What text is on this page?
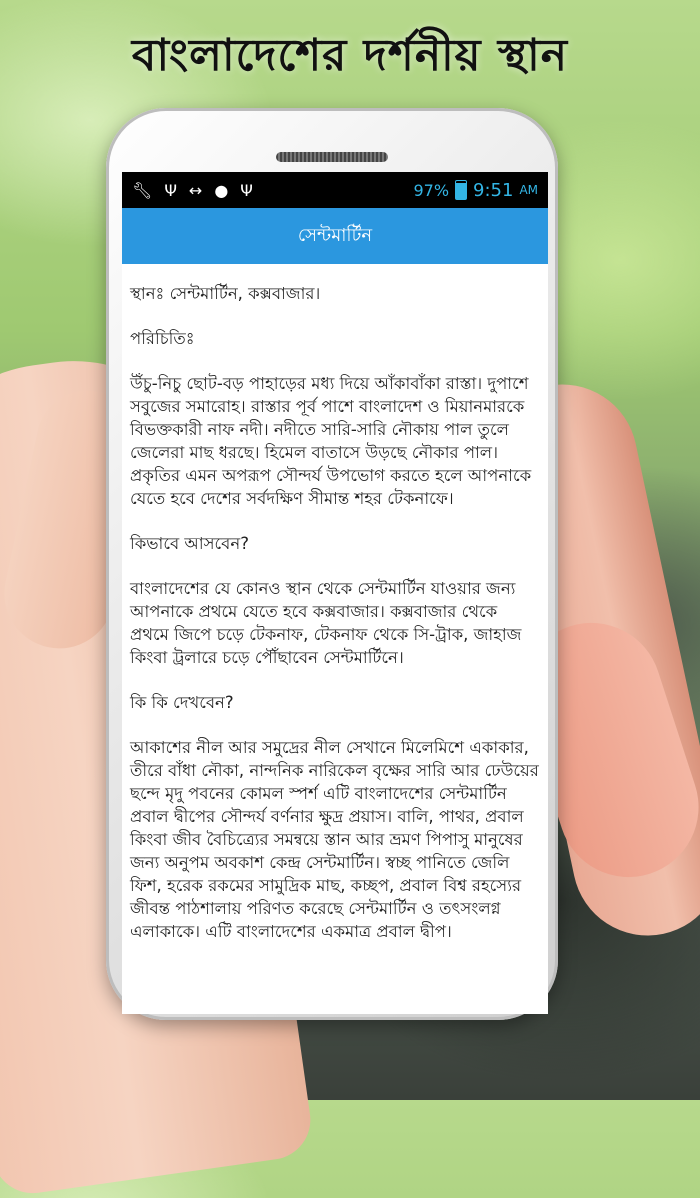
বাংলাদেশের দর্শনীয় স্থান
🔧︎ Ψ ↔ ● Ψ	97% 9:51 AM
সেন্টমার্টিন

স্থানঃ সেন্টমার্টিন, কক্সবাজার।

পরিচিতিঃ

উঁচু-নিচু ছোট-বড় পাহাড়ের মধ্য দিয়ে আঁকাবাঁকা রাস্তা। দুপাশে সবুজের সমারোহ। রাস্তার পূর্ব পাশে বাংলাদেশ ও মিয়ানমারকে বিভক্তকারী নাফ নদী। নদীতে সারি-সারি নৌকায় পাল তুলে জেলেরা মাছ ধরছে। হিমেল বাতাসে উড়ছে নৌকার পাল। প্রকৃতির এমন অপরূপ সৌন্দর্য উপভোগ করতে হলে আপনাকে যেতে হবে দেশের সর্বদক্ষিণ সীমান্ত শহর টেকনাফে।

কিভাবে আসবেন?

বাংলাদেশের যে কোনও স্থান থেকে সেন্টমার্টিন যাওয়ার জন্য আপনাকে প্রথমে যেতে হবে কক্সবাজার। কক্সবাজার থেকে প্রথমে জিপে চড়ে টেকনাফ, টেকনাফ থেকে সি-ট্রাক, জাহাজ কিংবা ট্রলারে চড়ে পৌঁছাবেন সেন্টমার্টিনে।

কি কি দেখবেন?

আকাশের নীল আর সমুদ্রের নীল সেখানে মিলেমিশে একাকার, তীরে বাঁধা নৌকা, নান্দনিক নারিকেল বৃক্ষের সারি আর ঢেউয়ের ছন্দে মৃদু পবনের কোমল স্পর্শ এটি বাংলাদেশের সেন্টমার্টিন প্রবাল দ্বীপের সৌন্দর্য বর্ণনার ক্ষুদ্র প্রয়াস। বালি, পাথর, প্রবাল কিংবা জীব বৈচিত্র্যের সমন্বয়ে স্তান আর ভ্রমণ পিপাসু মানুষের জন্য অনুপম অবকাশ কেন্দ্র সেন্টমার্টিন। স্বচ্ছ পানিতে জেলি ফিশ, হরেক রকমের সামুদ্রিক মাছ, কচ্ছপ, প্রবাল বিশ্ব রহস্যের জীবন্ত পাঠশালায় পরিণত করেছে সেন্টমার্টিন ও তৎসংলগ্ন এলাকাকে। এটি বাংলাদেশের একমাত্র প্রবাল দ্বীপ।
